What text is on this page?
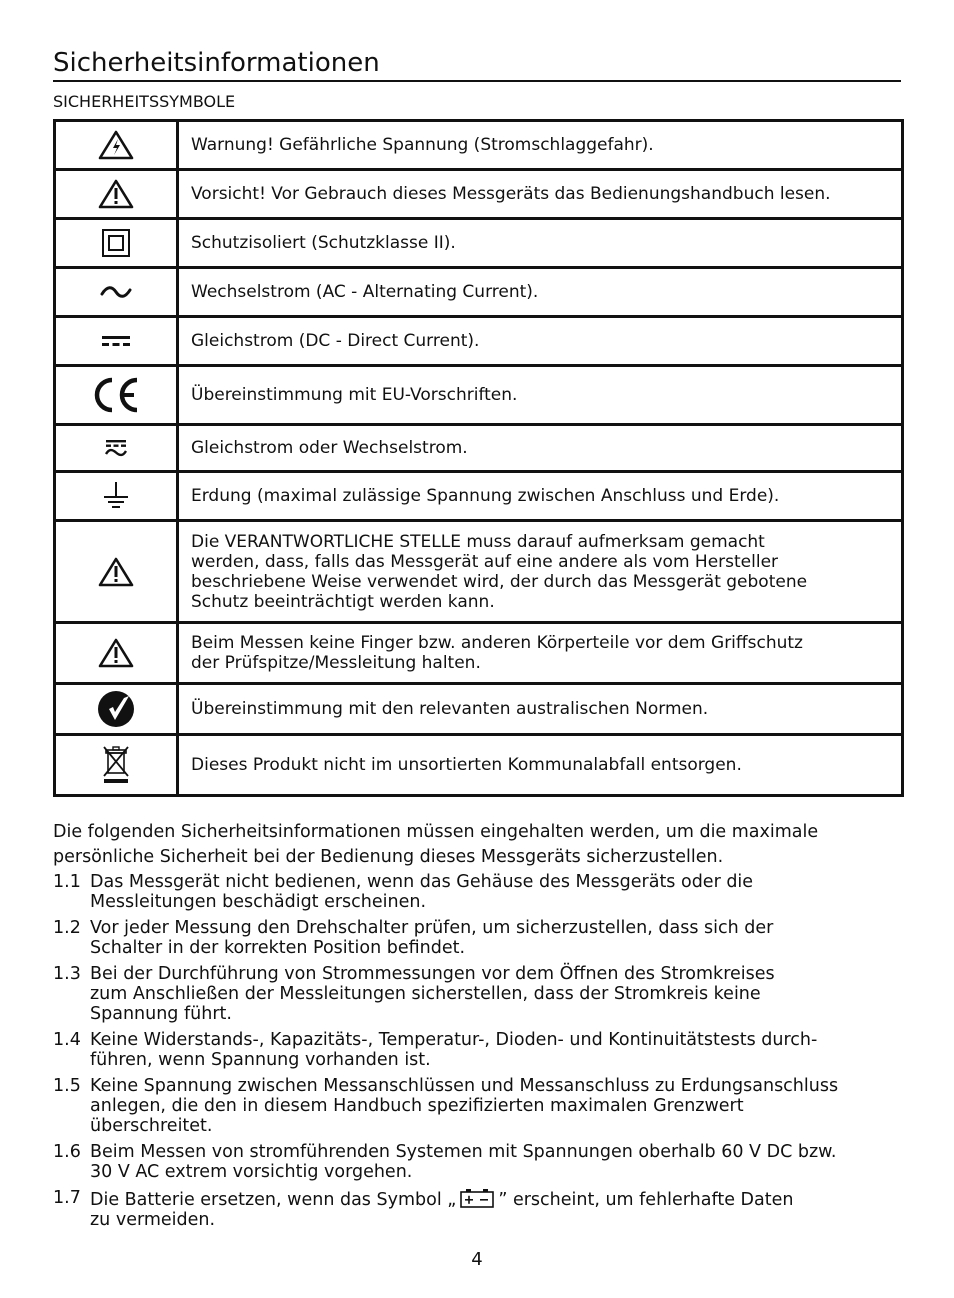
Sicherheitsinformationen
SICHERHEITSSYMBOLE

Warnung! Gefährliche Spannung (Stromschlaggefahr).

Vorsicht! Vor Gebrauch dieses Messgeräts das Bedienungshandbuch lesen.

Schutzisoliert (Schutzklasse II).

Wechselstrom (AC - Alternating Current).

Gleichstrom (DC - Direct Current).

Übereinstimmung mit EU-Vorschriften.

Gleichstrom oder Wechselstrom.

Erdung (maximal zulässige Spannung zwischen Anschluss und Erde).

Die VERANTWORTLICHE STELLE muss darauf aufmerksam gemacht
werden, dass, falls das Messgerät auf eine andere als vom Hersteller
beschriebene Weise verwendet wird, der durch das Messgerät gebotene
Schutz beeinträchtigt werden kann.

Beim Messen keine Finger bzw. anderen Körperteile vor dem Griffschutz
der Prüfspitze/Messleitung halten.

Übereinstimmung mit den relevanten australischen Normen.

Dieses Produkt nicht im unsortierten Kommunalabfall entsorgen.
Die folgenden Sicherheitsinformationen müssen eingehalten werden, um die maximale
persönliche Sicherheit bei der Bedienung dieses Messgeräts sicherzustellen.
1.1 Das Messgerät nicht bedienen, wenn das Gehäuse des Messgeräts oder die
Messleitungen beschädigt erscheinen.
1.2 Vor jeder Messung den Drehschalter prüfen, um sicherzustellen, dass sich der
Schalter in der korrekten Position befindet.
1.3 Bei der Durchführung von Strommessungen vor dem Öffnen des Stromkreises
zum Anschließen der Messleitungen sicherstellen, dass der Stromkreis keine
Spannung führt.
1.4 Keine Widerstands-, Kapazitäts-, Temperatur-, Dioden- und Kontinuitätstests durch-
führen, wenn Spannung vorhanden ist.
1.5 Keine Spannung zwischen Messanschlüssen und Messanschluss zu Erdungsanschluss
anlegen, die den in diesem Handbuch spezifizierten maximalen Grenzwert
überschreitet.
1.6 Beim Messen von stromführenden Systemen mit Spannungen oberhalb 60 V DC bzw.
30 V AC extrem vorsichtig vorgehen.
1.7 Die Batterie ersetzen, wenn das Symbol „ ” erscheint, um fehlerhafte Daten
zu vermeiden.
4
